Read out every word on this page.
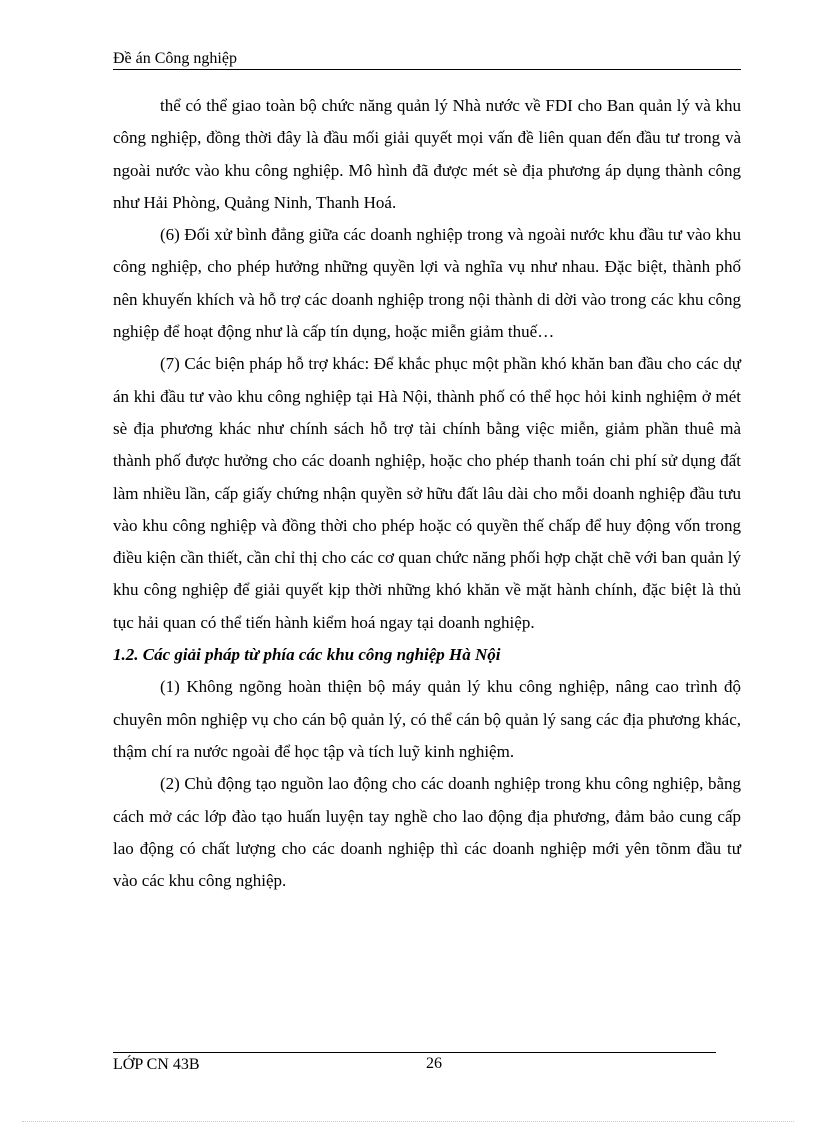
Đề án Công nghiệp

thể có thể giao toàn bộ chức năng quản lý Nhà nước về FDI cho Ban quản lý và khu công nghiệp, đồng thời đây là đầu mối giải quyết mọi vấn đề liên quan đến đầu tư trong và ngoài nước vào khu công nghiệp. Mô hình đã được mét sè địa phương áp dụng thành công như Hải Phòng, Quảng Ninh, Thanh Hoá.

(6) Đối xử bình đẳng giữa các doanh nghiệp trong và ngoài nước khu đầu tư vào khu công nghiệp, cho phép hưởng những quyền lợi và nghĩa vụ như nhau. Đặc biệt, thành phố nên khuyến khích và hỗ trợ các doanh nghiệp trong nội thành di dời vào trong các khu công nghiệp để hoạt động như là cấp tín dụng, hoặc miễn giảm thuế…

(7) Các biện pháp hỗ trợ khác: Để khắc phục một phần khó khăn ban đầu cho các dự án khi đầu tư vào khu công nghiệp tại Hà Nội, thành phố có thể học hỏi kinh nghiệm ở mét sè địa phương khác như chính sách hỗ trợ tài chính bằng việc miễn, giảm phần thuê mà thành phố được hưởng cho các doanh nghiệp, hoặc cho phép thanh toán chi phí sử dụng đất làm nhiều lần, cấp giấy chứng nhận quyền sở hữu đất lâu dài cho mỗi doanh nghiệp đầu tưu vào khu công nghiệp và đồng thời cho phép hoặc có quyền thế chấp để huy động vốn trong điều kiện cần thiết, cần chỉ thị cho các cơ quan chức năng phối hợp chặt chẽ với ban quản lý khu công nghiệp để giải quyết kịp thời những khó khăn về mặt hành chính, đặc biệt là thủ tục hải quan có thể tiến hành kiểm hoá ngay tại doanh nghiệp.

1.2. Các giải pháp từ phía các khu công nghiệp Hà Nội

(1) Không ngõng hoàn thiện bộ máy quản lý khu công nghiệp, nâng cao trình độ chuyên môn nghiệp vụ cho cán bộ quản lý, có thể cán bộ quản lý sang các địa phương khác, thậm chí ra nước ngoài để học tập và tích luỹ kinh nghiệm.

(2) Chủ động tạo nguồn lao động cho các doanh nghiệp trong khu công nghiệp, bằng cách mở các lớp đào tạo huấn luyện tay nghề cho lao động địa phương, đảm bảo cung cấp lao động có chất lượng cho các doanh nghiệp thì các doanh nghiệp mới yên tõnm đầu tư vào các khu công nghiệp.

LỚP CN 43B	26
